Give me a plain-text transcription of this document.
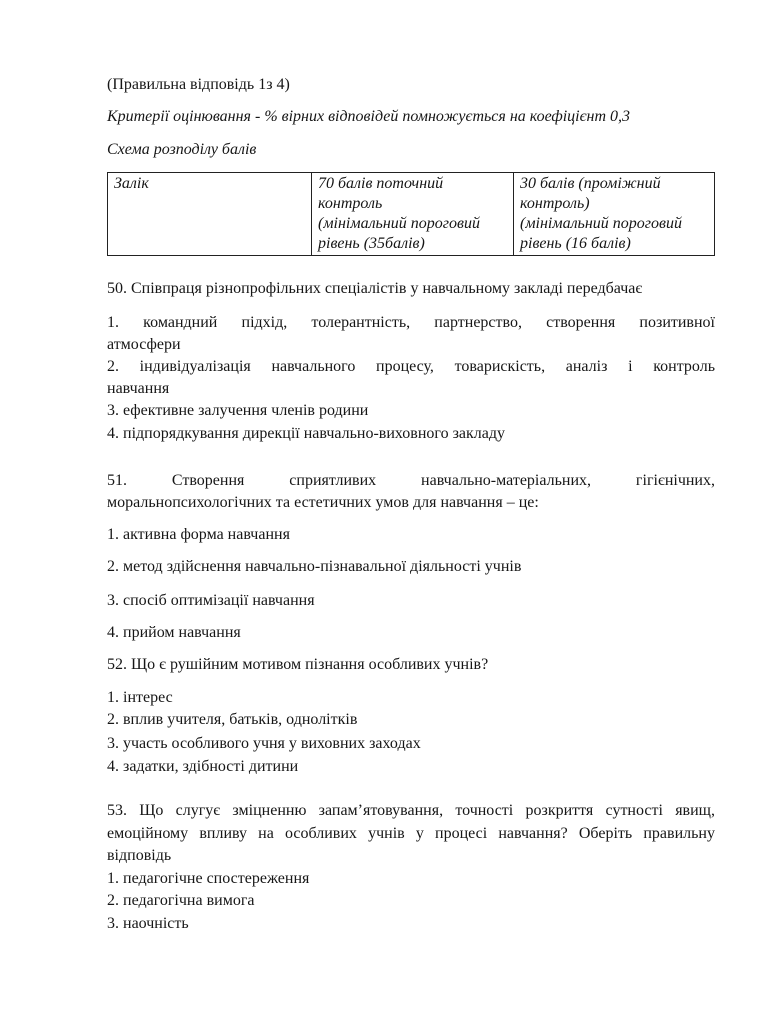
(Правильна відповідь 1з 4)
Критерії оцінювання - % вірних відповідей помножується на коефіцієнт 0,3
Схема розподілу балів
Залік	70 балів поточний
контроль
(мінімальний пороговий
рівень (35балів)
30 балів (проміжний
контроль)
(мінімальний пороговий
рівень (16 балів)
50. Співпраця різнопрофільних спеціалістів у навчальному закладі передбачає
1. командний підхід, толерантність, партнерство, створення позитивної
атмосфери
2. індивідуалізація навчального процесу, товарискість, аналіз і контроль
навчання
3. ефективне залучення членів родини
4. підпорядкування дирекції навчально-виховного закладу
51. Створення сприятливих навчально-матеріальних, гігієнічних,
моральнопсихологічних та естетичних умов для навчання – це:
1. активна форма навчання
2. метод здійснення навчально-пізнавальної діяльності учнів
3. спосіб оптимізації навчання
4. прийом навчання
52. Що є рушійним мотивом пізнання особливих учнів?
1. інтерес
2. вплив учителя, батьків, однолітків
3. участь особливого учня у виховних заходах
4. задатки, здібності дитини
53. Що слугує зміцненню запам’ятовування, точності розкриття сутності явищ,
емоційному впливу на особливих учнів у процесі навчання? Оберіть правильну
відповідь
1. педагогічне спостереження
2. педагогічна вимога
3. наочність
